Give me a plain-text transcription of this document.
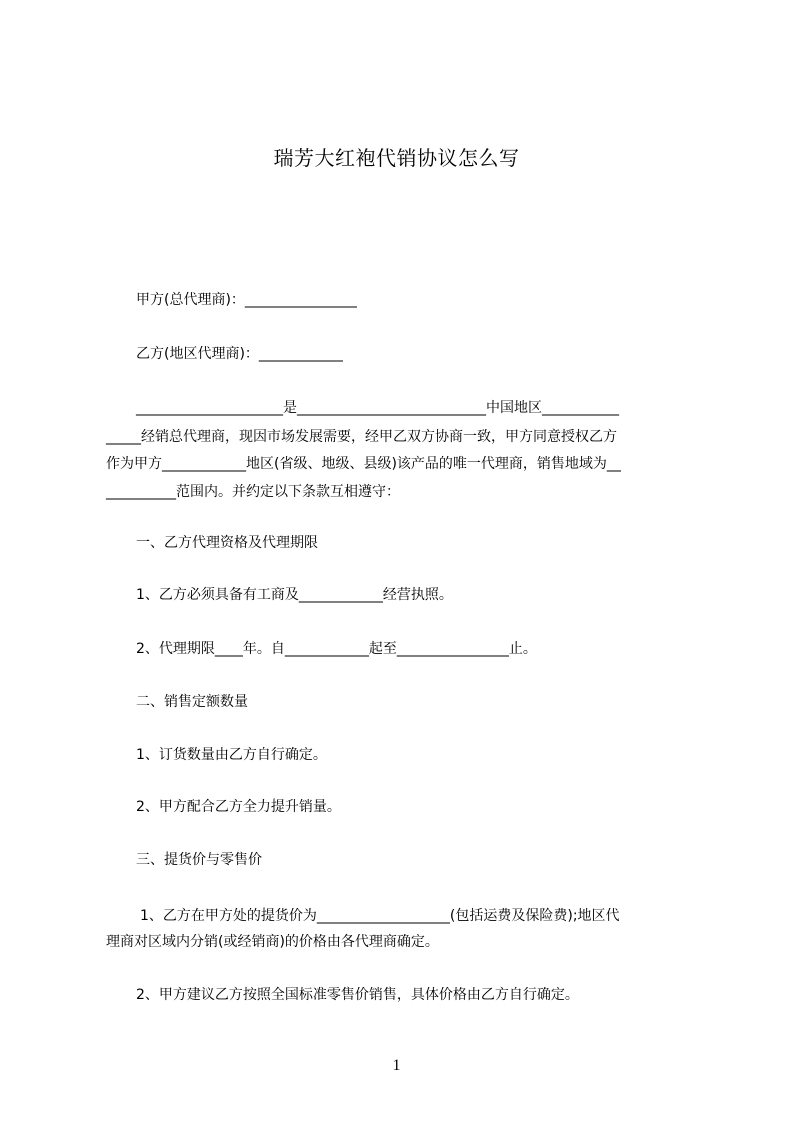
瑞芳大红袍代销协议怎么写
甲方(总代理商)：________________
乙方(地区代理商)：____________
_____________________是___________________________中国地区___________
_____经销总代理商，现因市场发展需要，经甲乙双方协商一致，甲方同意授权乙方
作为甲方____________地区(省级、地级、县级)该产品的唯一代理商，销售地域为__
__________范围内。并约定以下条款互相遵守：
一、乙方代理资格及代理期限
1、乙方必须具备有工商及____________经营执照。
2、代理期限____年。自____________起至________________止。
二、销售定额数量
1、订货数量由乙方自行确定。
2、甲方配合乙方全力提升销量。
三、提货价与零售价
1、乙方在甲方处的提货价为___________________(包括运费及保险费);地区代
理商对区域内分销(或经销商)的价格由各代理商确定。
2、甲方建议乙方按照全国标准零售价销售，具体价格由乙方自行确定。
1
